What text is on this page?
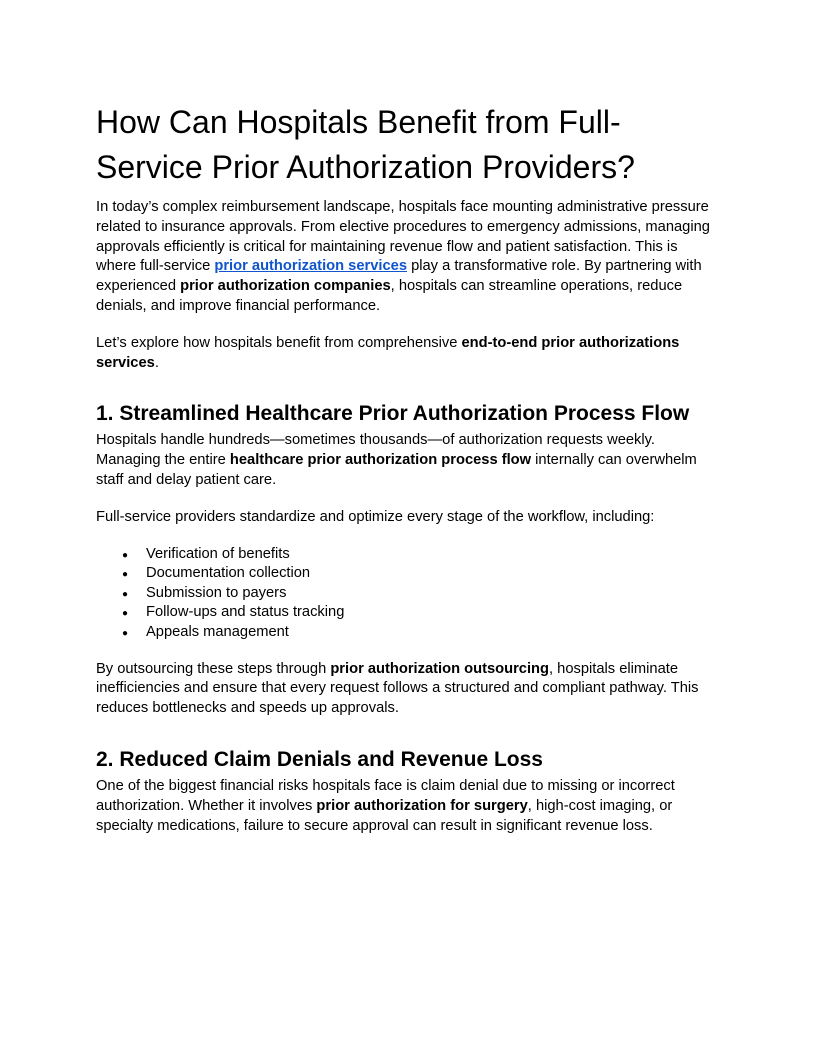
How Can Hospitals Benefit from Full-Service Prior Authorization Providers?

In today’s complex reimbursement landscape, hospitals face mounting administrative pressure related to insurance approvals. From elective procedures to emergency admissions, managing approvals efficiently is critical for maintaining revenue flow and patient satisfaction. This is where full-service prior authorization services play a transformative role. By partnering with experienced prior authorization companies, hospitals can streamline operations, reduce denials, and improve financial performance.

Let’s explore how hospitals benefit from comprehensive end-to-end prior authorizations services.

1. Streamlined Healthcare Prior Authorization Process Flow

Hospitals handle hundreds—sometimes thousands—of authorization requests weekly. Managing the entire healthcare prior authorization process flow internally can overwhelm staff and delay patient care.

Full-service providers standardize and optimize every stage of the workflow, including:

● Verification of benefits
● Documentation collection
● Submission to payers
● Follow-ups and status tracking
● Appeals management

By outsourcing these steps through prior authorization outsourcing, hospitals eliminate inefficiencies and ensure that every request follows a structured and compliant pathway. This reduces bottlenecks and speeds up approvals.

2. Reduced Claim Denials and Revenue Loss

One of the biggest financial risks hospitals face is claim denial due to missing or incorrect authorization. Whether it involves prior authorization for surgery, high-cost imaging, or specialty medications, failure to secure approval can result in significant revenue loss.
